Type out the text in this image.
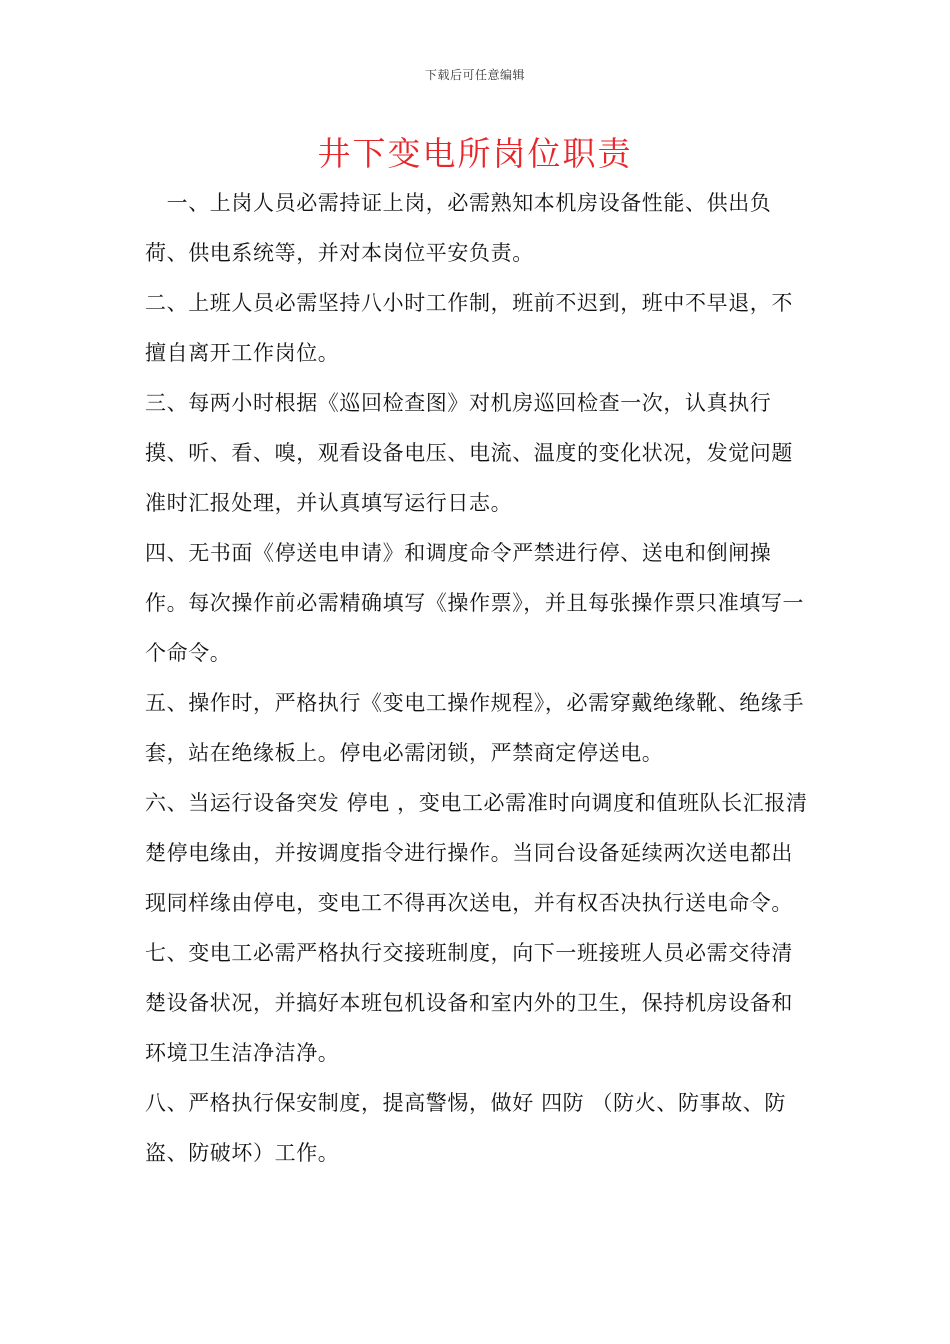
下载后可任意编辑
井下变电所岗位职责

　一、上岗人员必需持证上岗，必需熟知本机房设备性能、供出负荷、供电系统等，并对本岗位平安负责。

二、上班人员必需坚持八小时工作制，班前不迟到，班中不早退，不擅自离开工作岗位。

三、每两小时根据《巡回检查图》对机房巡回检查一次，认真执行摸、听、看、嗅，观看设备电压、电流、温度的变化状况，发觉问题准时汇报处理，并认真填写运行日志。

四、无书面《停送电申请》和调度命令严禁进行停、送电和倒闸操作。每次操作前必需精确填写《操作票》，并且每张操作票只准填写一个命令。

五、操作时，严格执行《变电工操作规程》，必需穿戴绝缘靴、绝缘手套，站在绝缘板上。停电必需闭锁，严禁商定停送电。

六、当运行设备突发 停电 ，变电工必需准时向调度和值班队长汇报清楚停电缘由，并按调度指令进行操作。当同台设备延续两次送电都出现同样缘由停电，变电工不得再次送电，并有权否决执行送电命令。

七、变电工必需严格执行交接班制度，向下一班接班人员必需交待清楚设备状况，并搞好本班包机设备和室内外的卫生，保持机房设备和环境卫生洁净洁净。

八、严格执行保安制度，提高警惕，做好 四防 （防火、防事故、防盗、防破坏）工作。
